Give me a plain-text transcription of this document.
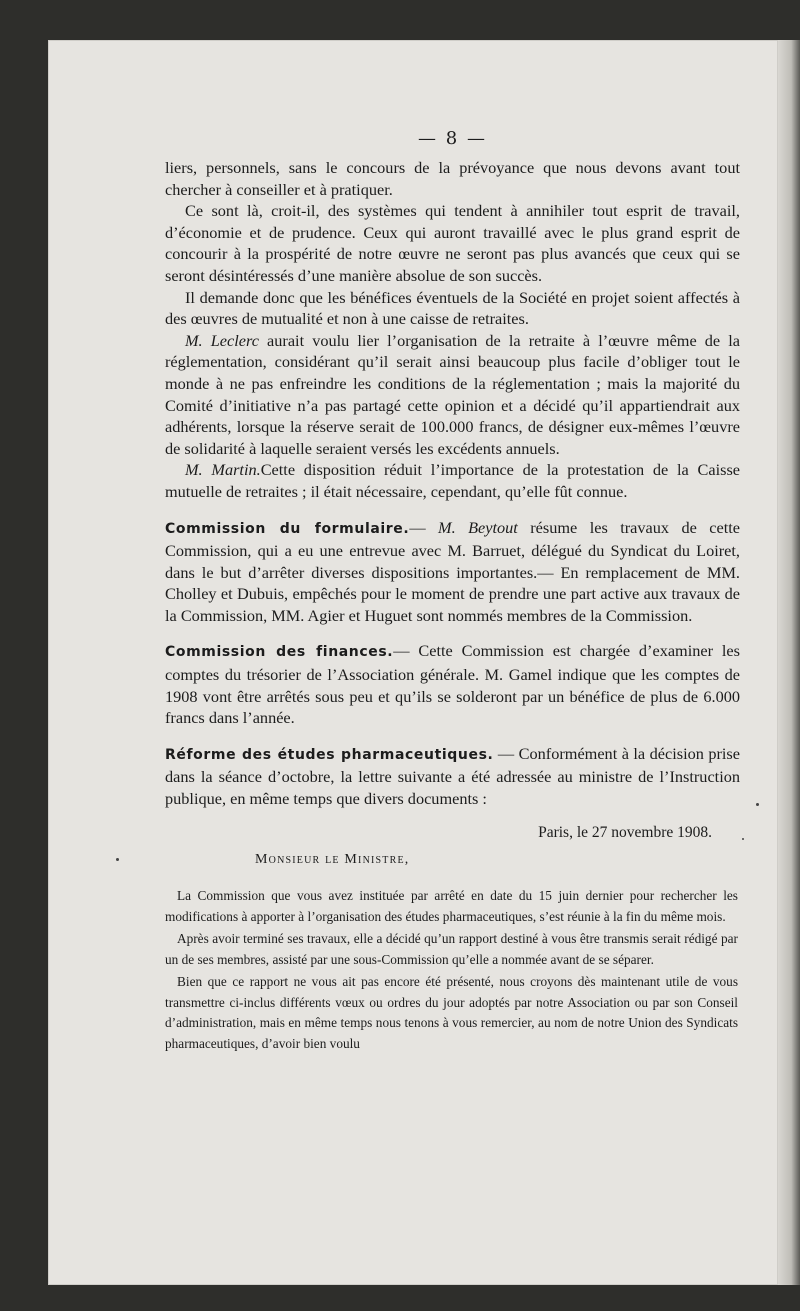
— 8 —

liers, personnels, sans le concours de la prévoyance que nous devons avant tout chercher à conseiller et à pratiquer.

Ce sont là, croit-il, des systèmes qui tendent à annihiler tout esprit de travail, d’économie et de prudence. Ceux qui auront travaillé avec le plus grand esprit de concourir à la prospérité de notre œuvre ne seront pas plus avancés que ceux qui se seront désintéressés d’une manière absolue de son succès.

Il demande donc que les bénéfices éventuels de la Société en projet soient affectés à des œuvres de mutualité et non à une caisse de retraites.

M. Leclerc aurait voulu lier l’organisation de la retraite à l’œuvre même de la réglementation, considérant qu’il serait ainsi beaucoup plus facile d’obliger tout le monde à ne pas enfreindre les conditions de la réglementation ; mais la majorité du Comité d’initiative n’a pas partagé cette opinion et a décidé qu’il appartiendrait aux adhérents, lorsque la réserve serait de 100.000 francs, de désigner eux-mêmes l’œuvre de solidarité à laquelle seraient versés les excédents annuels.

M. Martin.Cette disposition réduit l’importance de la protestation de la Caisse mutuelle de retraites ; il était nécessaire, cependant, qu’elle fût connue.

Commission du formulaire.— M. Beytout résume les travaux de cette Commission, qui a eu une entrevue avec M. Barruet, délégué du Syndicat du Loiret, dans le but d’arrêter diverses dispositions importantes.— En remplacement de MM. Cholley et Dubuis, empêchés pour le moment de prendre une part active aux travaux de la Commission, MM. Agier et Huguet sont nommés membres de la Commission.

Commission des finances.— Cette Commission est chargée d’examiner les comptes du trésorier de l’Association générale. M. Gamel indique que les comptes de 1908 vont être arrêtés sous peu et qu’ils se solderont par un bénéfice de plus de 6.000 francs dans l’année.

Réforme des études pharmaceutiques. — Conformément à la décision prise dans la séance d’octobre, la lettre suivante a été adressée au ministre de l’Instruction publique, en même temps que divers documents :

Paris, le 27 novembre 1908.
Monsieur le Ministre,

La Commission que vous avez instituée par arrêté en date du 15 juin dernier pour rechercher les modifications à apporter à l’organisation des études pharmaceutiques, s’est réunie à la fin du même mois.

Après avoir terminé ses travaux, elle a décidé qu’un rapport destiné à vous être transmis serait rédigé par un de ses membres, assisté par une sous-Commission qu’elle a nommée avant de se séparer.

Bien que ce rapport ne vous ait pas encore été présenté, nous croyons dès maintenant utile de vous transmettre ci-inclus différents vœux ou ordres du jour adoptés par notre Association ou par son Conseil d’administration, mais en même temps nous tenons à vous remercier, au nom de notre Union des Syndicats pharmaceutiques, d’avoir bien voulu
